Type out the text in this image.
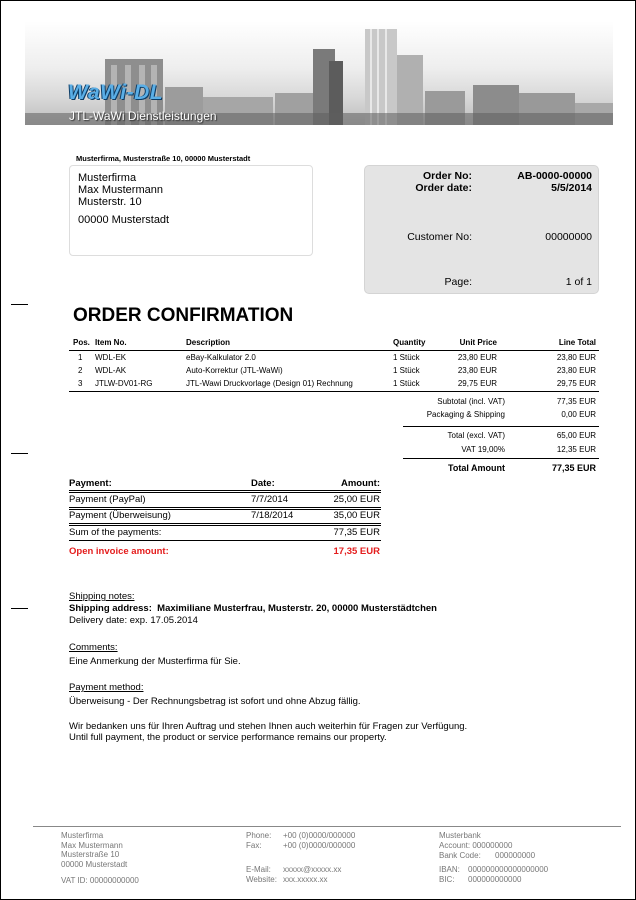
WaWi-DL
JTL-WaWi Dienstleistungen
Musterfirma, Musterstraße 10, 00000 Musterstadt
Musterfirma
Max Mustermann
Musterstr. 10
00000 Musterstadt
Order No:	AB-0000-00000
Order date:	5/5/2014
Customer No:	00000000
Page:	1 of 1
ORDER CONFIRMATION
Pos. Item No.	Description	Quantity	Unit Price	Line Total
1 WDL-EK	eBay-Kalkulator 2.0	1 Stück	23,80 EUR	23,80 EUR
2 WDL-AK	Auto-Korrektur (JTL-WaWi)	1 Stück	23,80 EUR	23,80 EUR
3 JTLW-DV01-RG	JTL-Wawi Druckvorlage (Design 01) Rechnung	1 Stück	29,75 EUR	29,75 EUR
Subtotal (incl. VAT)	77,35 EUR
Packaging & Shipping	0,00 EUR
Total (excl. VAT)	65,00 EUR
VAT 19,00%	12,35 EUR
Total Amount	77,35 EUR
Payment:	Date:	Amount:
Payment (PayPal)	7/7/2014	25,00 EUR
Payment (Überweisung)	7/18/2014	35,00 EUR
Sum of the payments:	77,35 EUR
Open invoice amount:	17,35 EUR
Shipping notes:
Shipping address: Maximiliane Musterfrau, Musterstr. 20, 00000 Musterstädtchen
Delivery date: exp. 17.05.2014
Comments:
Eine Anmerkung der Musterfirma für Sie.
Payment method:
Überweisung - Der Rechnungsbetrag ist sofort und ohne Abzug fällig.
Wir bedanken uns für Ihren Auftrag und stehen Ihnen auch weiterhin für Fragen zur Verfügung.
Until full payment, the product or service performance remains our property.
Musterfirma
Max Mustermann
Musterstraße 10
00000 Musterstadt
VAT ID: 00000000000
Phone: +00 (0)0000/000000
Fax:	+00 (0)0000/000000
E-Mail: xxxxx@xxxxx.xx
Website: xxx.xxxxx.xx
Musterbank
Account: 000000000
Bank Code: 000000000
IBAN: 000000000000000000
BIC: 000000000000
